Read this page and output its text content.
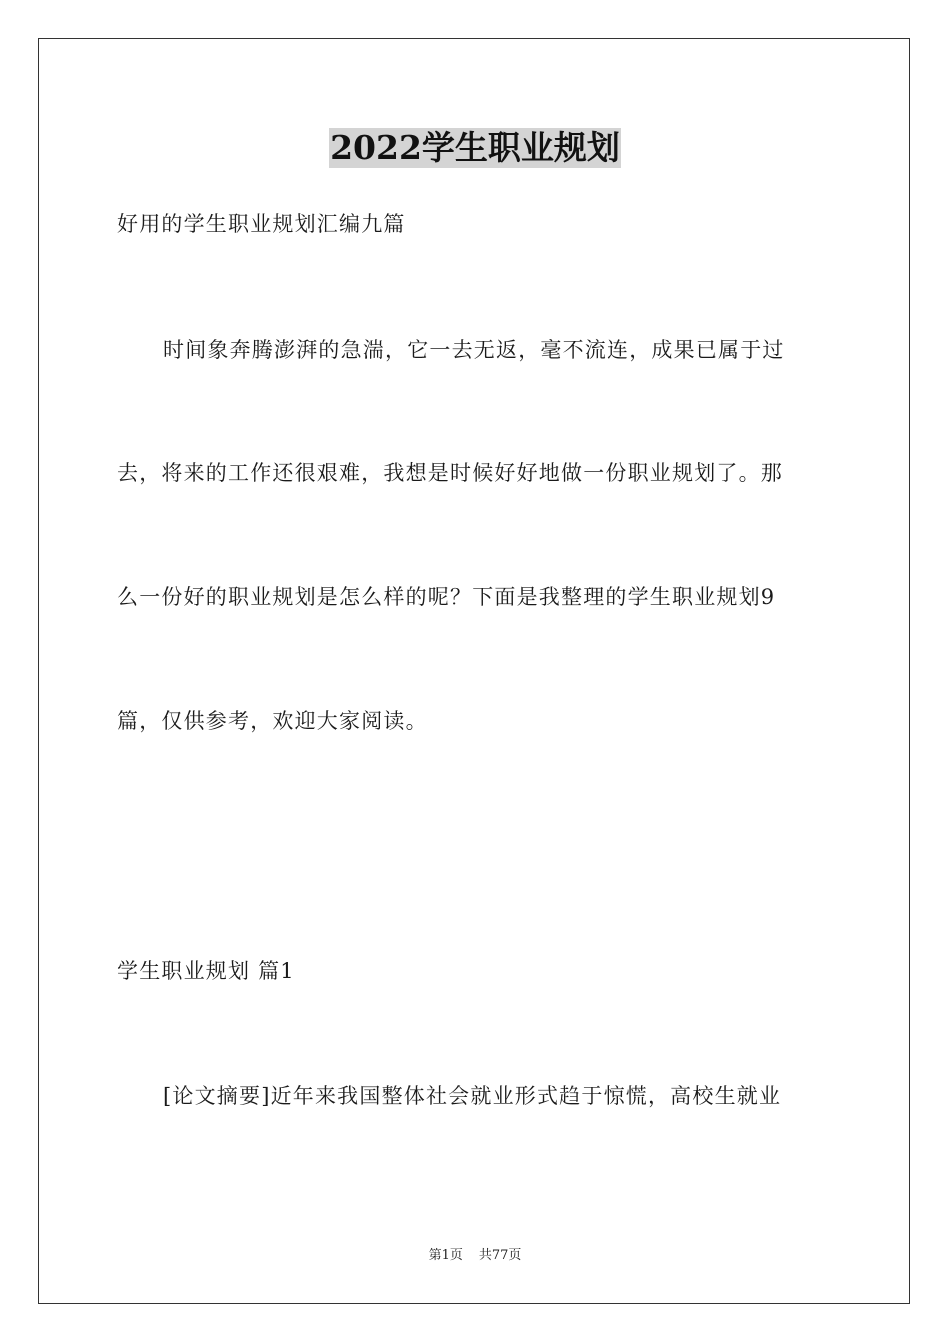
2022学生职业规划
好用的学生职业规划汇编九篇
时间象奔腾澎湃的急湍，它一去无返，毫不流连，成果已属于过
去，将来的工作还很艰难，我想是时候好好地做一份职业规划了。那
么一份好的职业规划是怎么样的呢？下面是我整理的学生职业规划9
篇，仅供参考，欢迎大家阅读。
学生职业规划 篇1
[论文摘要]近年来我国整体社会就业形式趋于惊慌，高校生就业
第1页 共77页
